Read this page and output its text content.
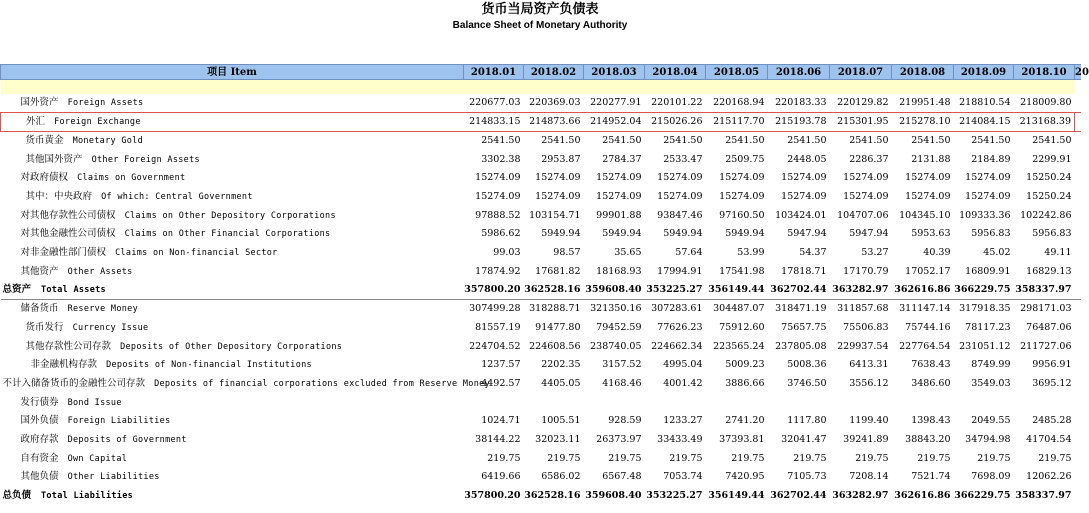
货币当局资产负债表
Balance Sheet of Monetary Authority
项目 Item	2018.01	2018.02	2018.03	2018.04	2018.05	2018.06	2018.07	2018.08	2018.09	2018.10	20

国外资产 Foreign Assets	220677.03	220369.03	220277.91	220101.22	220168.94	220183.33	220129.82	219951.48	218810.54	218009.80	
外汇 Foreign Exchange	214833.15	214873.66	214952.04	215026.26	215117.70	215193.78	215301.95	215278.10	214084.15	213168.39	
货币黄金 Monetary Gold	2541.50	2541.50	2541.50	2541.50	2541.50	2541.50	2541.50	2541.50	2541.50	2541.50	
其他国外资产 Other Foreign Assets	3302.38	2953.87	2784.37	2533.47	2509.75	2448.05	2286.37	2131.88	2184.89	2299.91	
对政府债权 Claims on Government	15274.09	15274.09	15274.09	15274.09	15274.09	15274.09	15274.09	15274.09	15274.09	15250.24	
其中：中央政府 Of which: Central Government	15274.09	15274.09	15274.09	15274.09	15274.09	15274.09	15274.09	15274.09	15274.09	15250.24	
对其他存款性公司债权 Claims on Other Depository Corporations	97888.52	103154.71	99901.88	93847.46	97160.50	103424.01	104707.06	104345.10	109333.36	102242.86	
对其他金融性公司债权 Claims on Other Financial Corporations	5986.62	5949.94	5949.94	5949.94	5949.94	5947.94	5947.94	5953.63	5956.83	5956.83	
对非金融性部门债权 Claims on Non-financial Sector	99.03	98.57	35.65	57.64	53.99	54.37	53.27	40.39	45.02	49.11	
其他资产 Other Assets	17874.92	17681.82	18168.93	17994.91	17541.98	17818.71	17170.79	17052.17	16809.91	16829.13	
总资产 Total Assets	357800.20	362528.16	359608.40	353225.27	356149.44	362702.44	363282.97	362616.86	366229.75	358337.97	
储备货币 Reserve Money	307499.28	318288.71	321350.16	307283.61	304487.07	318471.19	311857.68	311147.14	317918.35	298171.03	
货币发行 Currency Issue	81557.19	91477.80	79452.59	77626.23	75912.60	75657.75	75506.83	75744.16	78117.23	76487.06	
其他存款性公司存款 Deposits of Other Depository Corporations	224704.52	224608.56	238740.05	224662.34	223565.24	237805.08	229937.54	227764.54	231051.12	211727.06	
非金融机构存款 Deposits of Non-financial Institutions	1237.57	2202.35	3157.52	4995.04	5009.23	5008.36	6413.31	7638.43	8749.99	9956.91	
不计入储备货币的金融性公司存款 Deposits of financial corporations excluded from Reserve Money	4492.57	4405.05	4168.46	4001.42	3886.66	3746.50	3556.12	3486.60	3549.03	3695.12	
发行债券 Bond Issue											
国外负债 Foreign Liabilities	1024.71	1005.51	928.59	1233.27	2741.20	1117.80	1199.40	1398.43	2049.55	2485.28	
政府存款 Deposits of Government	38144.22	32023.11	26373.97	33433.49	37393.81	32041.47	39241.89	38843.20	34794.98	41704.54	
自有资金 Own Capital	219.75	219.75	219.75	219.75	219.75	219.75	219.75	219.75	219.75	219.75	
其他负债 Other Liabilities	6419.66	6586.02	6567.48	7053.74	7420.95	7105.73	7208.14	7521.74	7698.09	12062.26	
总负债 Total Liabilities	357800.20	362528.16	359608.40	353225.27	356149.44	362702.44	363282.97	362616.86	366229.75	358337.97	
